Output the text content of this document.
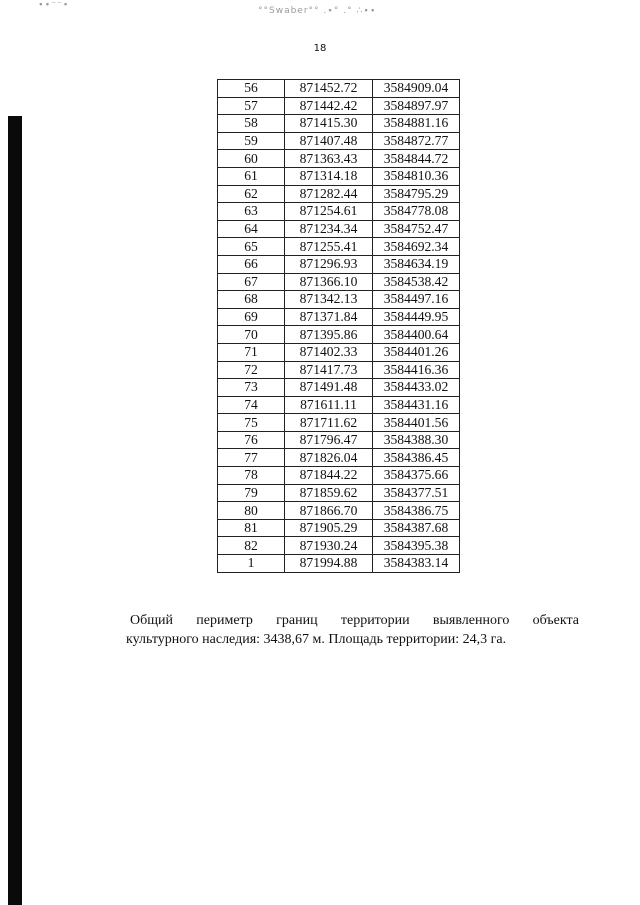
∙∙⁻⁻∙
°°Swaber°° .∙° .° ∴∙∙
18
56	871452.72	3584909.04
57	871442.42	3584897.97
58	871415.30	3584881.16
59	871407.48	3584872.77
60	871363.43	3584844.72
61	871314.18	3584810.36
62	871282.44	3584795.29
63	871254.61	3584778.08
64	871234.34	3584752.47
65	871255.41	3584692.34
66	871296.93	3584634.19
67	871366.10	3584538.42
68	871342.13	3584497.16
69	871371.84	3584449.95
70	871395.86	3584400.64
71	871402.33	3584401.26
72	871417.73	3584416.36
73	871491.48	3584433.02
74	871611.11	3584431.16
75	871711.62	3584401.56
76	871796.47	3584388.30
77	871826.04	3584386.45
78	871844.22	3584375.66
79	871859.62	3584377.51
80	871866.70	3584386.75
81	871905.29	3584387.68
82	871930.24	3584395.38
1	871994.88	3584383.14

Общий периметр границ территории выявленного объекта

культурного наследия: 3438,67 м. Площадь территории: 24,3 га.
